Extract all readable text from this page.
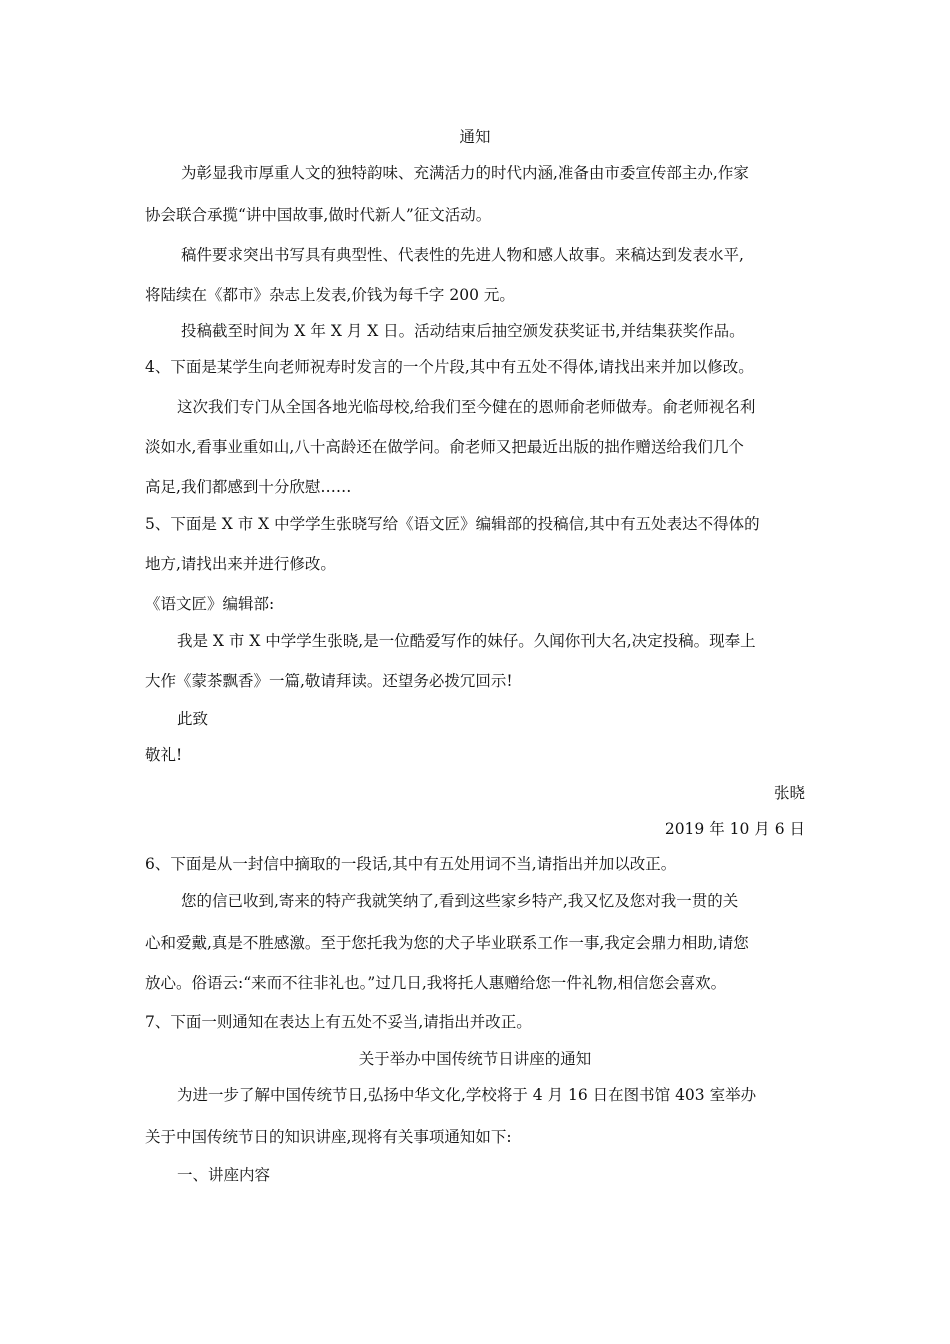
通知
为彰显我市厚重人文的独特韵味、充满活力的时代内涵,准备由市委宣传部主办,作家
协会联合承揽“讲中国故事,做时代新人”征文活动。
稿件要求突出书写具有典型性、代表性的先进人物和感人故事。来稿达到发表水平,
将陆续在《都市》杂志上发表,价钱为每千字 200 元。
投稿截至时间为 X 年 X 月 X 日。活动结束后抽空颁发获奖证书,并结集获奖作品。
4、下面是某学生向老师祝寿时发言的一个片段,其中有五处不得体,请找出来并加以修改。
这次我们专门从全国各地光临母校,给我们至今健在的恩师俞老师做寿。俞老师视名利
淡如水,看事业重如山,八十高龄还在做学问。俞老师又把最近出版的拙作赠送给我们几个
高足,我们都感到十分欣慰……
5、下面是 X 市 X 中学学生张晓写给《语文匠》编辑部的投稿信,其中有五处表达不得体的
地方,请找出来并进行修改。
《语文匠》编辑部:
我是 X 市 X 中学学生张晓,是一位酷爱写作的妹仔。久闻你刊大名,决定投稿。现奉上
大作《蒙茶飘香》一篇,敬请拜读。还望务必拨冗回示!
此致
敬礼!
张晓
2019 年 10 月 6 日
6、下面是从一封信中摘取的一段话,其中有五处用词不当,请指出并加以改正。
您的信已收到,寄来的特产我就笑纳了,看到这些家乡特产,我又忆及您对我一贯的关
心和爱戴,真是不胜感激。至于您托我为您的犬子毕业联系工作一事,我定会鼎力相助,请您
放心。俗语云:“来而不往非礼也。”过几日,我将托人惠赠给您一件礼物,相信您会喜欢。
7、下面一则通知在表达上有五处不妥当,请指出并改正。
关于举办中国传统节日讲座的通知
为进一步了解中国传统节日,弘扬中华文化,学校将于 4 月 16 日在图书馆 403 室举办
关于中国传统节日的知识讲座,现将有关事项通知如下:
一、讲座内容
